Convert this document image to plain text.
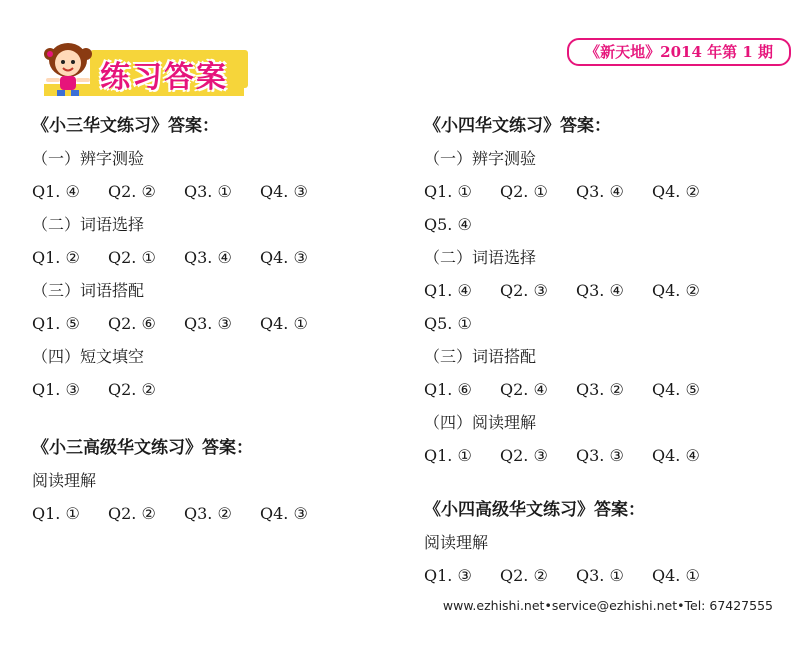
练习答案
《新天地》2014 年第 1 期
《小三华文练习》答案：
（一）辨字测验
Q1. ④ Q2. ② Q3. ① Q4. ③
（二）词语选择
Q1. ② Q2. ① Q3. ④ Q4. ③
（三）词语搭配
Q1. ⑤ Q2. ⑥ Q3. ③ Q4. ①
（四）短文填空
Q1. ③ Q2. ②
《小三高级华文练习》答案：
阅读理解
Q1. ① Q2. ② Q3. ② Q4. ③
《小四华文练习》答案：
（一）辨字测验
Q1. ① Q2. ① Q3. ④ Q4. ②
Q5. ④
（二）词语选择
Q1. ④ Q2. ③ Q3. ④ Q4. ②
Q5. ①
（三）词语搭配
Q1. ⑥ Q2. ④ Q3. ② Q4. ⑤
（四）阅读理解
Q1. ① Q2. ③ Q3. ③ Q4. ④
《小四高级华文练习》答案：
阅读理解
Q1. ③ Q2. ② Q3. ① Q4. ①
www.ezhishi.net•service@ezhishi.net•Tel: 67427555
